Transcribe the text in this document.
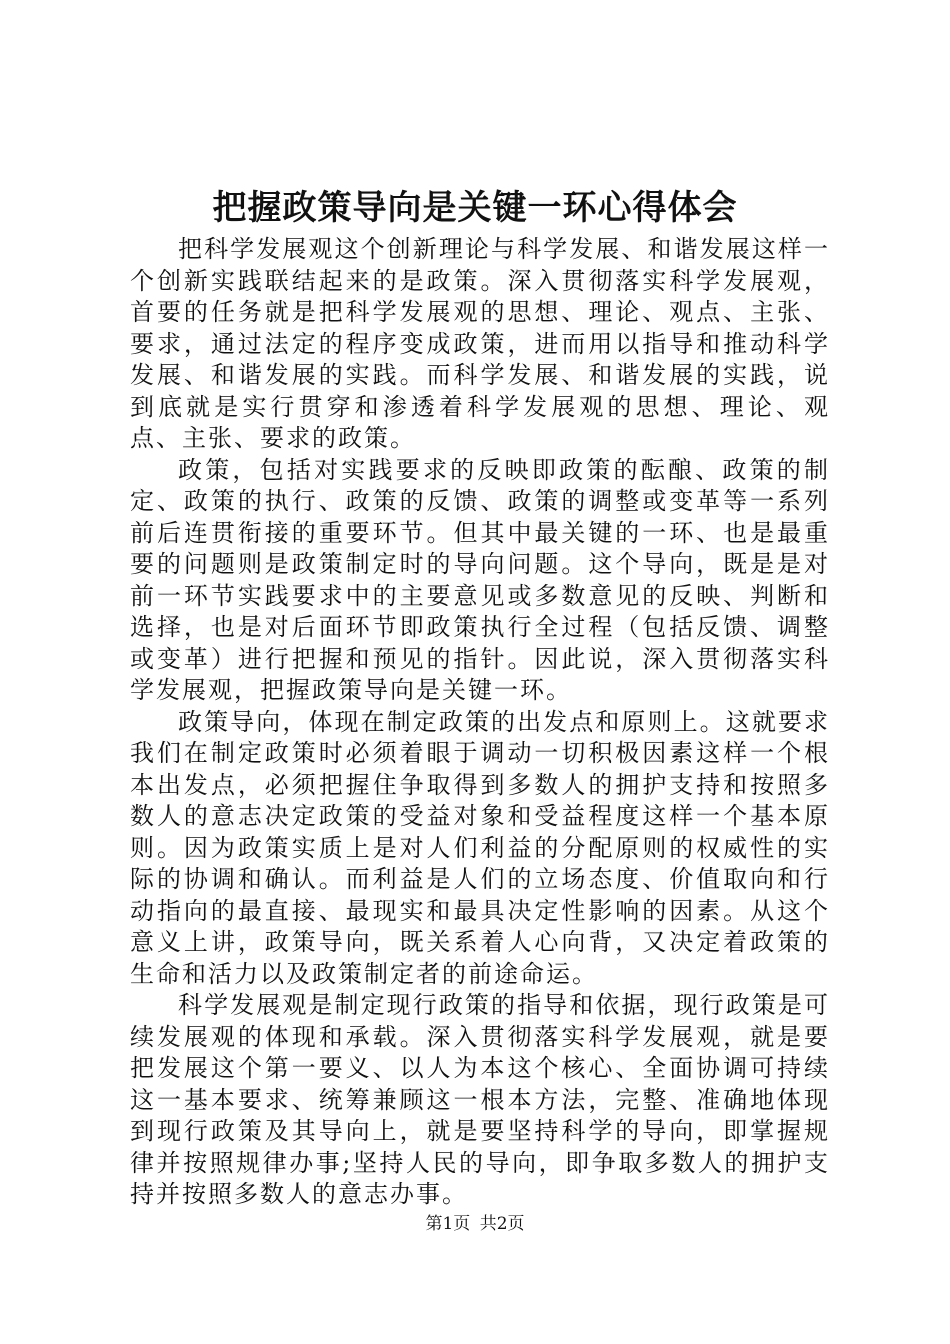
把握政策导向是关键一环心得体会

把科学发展观这个创新理论与科学发展、和谐发展这样一个创新实践联结起来的是政策。深入贯彻落实科学发展观，首要的任务就是把科学发展观的思想、理论、观点、主张、要求，通过法定的程序变成政策，进而用以指导和推动科学发展、和谐发展的实践。而科学发展、和谐发展的实践，说到底就是实行贯穿和渗透着科学发展观的思想、理论、观点、主张、要求的政策。

政策，包括对实践要求的反映即政策的酝酿、政策的制定、政策的执行、政策的反馈、政策的调整或变革等一系列前后连贯衔接的重要环节。但其中最关键的一环、也是最重要的问题则是政策制定时的导向问题。这个导向，既是是对前一环节实践要求中的主要意见或多数意见的反映、判断和选择，也是对后面环节即政策执行全过程（包括反馈、调整或变革）进行把握和预见的指针。因此说，深入贯彻落实科学发展观，把握政策导向是关键一环。

政策导向，体现在制定政策的出发点和原则上。这就要求我们在制定政策时必须着眼于调动一切积极因素这样一个根本出发点，必须把握住争取得到多数人的拥护支持和按照多数人的意志决定政策的受益对象和受益程度这样一个基本原则。因为政策实质上是对人们利益的分配原则的权威性的实际的协调和确认。而利益是人们的立场态度、价值取向和行动指向的最直接、最现实和最具决定性影响的因素。从这个意义上讲，政策导向，既关系着人心向背，又决定着政策的生命和活力以及政策制定者的前途命运。

科学发展观是制定现行政策的指导和依据，现行政策是可续发展观的体现和承载。深入贯彻落实科学发展观，就是要把发展这个第一要义、以人为本这个核心、全面协调可持续这一基本要求、统筹兼顾这一根本方法，完整、准确地体现到现行政策及其导向上，就是要坚持科学的导向，即掌握规律并按照规律办事;坚持人民的导向，即争取多数人的拥护支持并按照多数人的意志办事。

第1页 共2页
